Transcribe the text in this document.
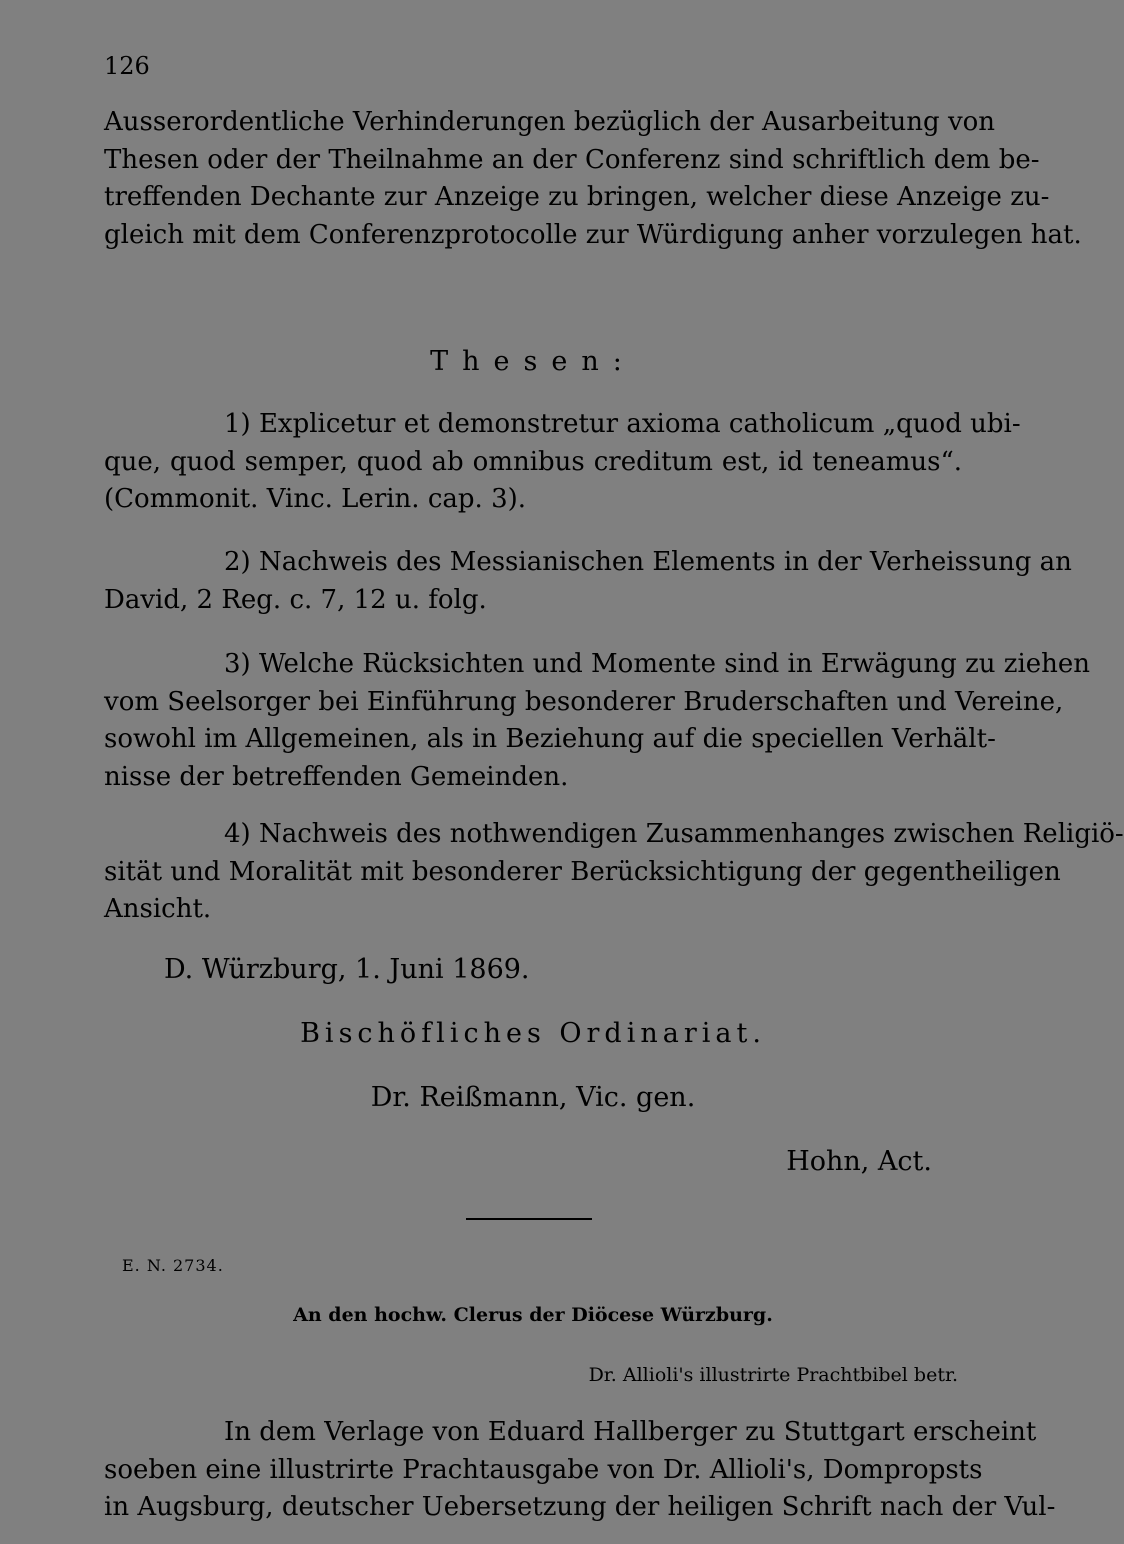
126
Ausserordentliche Verhinderungen bezüglich der Ausarbeitung von
Thesen oder der Theilnahme an der Conferenz sind schriftlich dem be-
treffenden Dechante zur Anzeige zu bringen, welcher diese Anzeige zu-
gleich mit dem Conferenzprotocolle zur Würdigung anher vorzulegen hat.
Thesen:
1) Explicetur et demonstretur axioma catholicum „quod ubi-
que, quod semper, quod ab omnibus creditum est, id teneamus“.
(Commonit. Vinc. Lerin. cap. 3).
2) Nachweis des Messianischen Elements in der Verheissung an
David, 2 Reg. c. 7, 12 u. folg.
3) Welche Rücksichten und Momente sind in Erwägung zu ziehen
vom Seelsorger bei Einführung besonderer Bruderschaften und Vereine,
sowohl im Allgemeinen, als in Beziehung auf die speciellen Verhält-
nisse der betreffenden Gemeinden.
4) Nachweis des nothwendigen Zusammenhanges zwischen Religiö-
sität und Moralität mit besonderer Berücksichtigung der gegentheiligen
Ansicht.
D. Würzburg, 1. Juni 1869.
Bischöfliches Ordinariat.
Dr. Reißmann, Vic. gen.
Hohn, Act.
E. N. 2734.
An den hochw. Clerus der Diöcese Würzburg.
Dr. Allioli's illustrirte Prachtbibel betr.
In dem Verlage von Eduard Hallberger zu Stuttgart erscheint
soeben eine illustrirte Prachtausgabe von Dr. Allioli's, Dompropsts
in Augsburg, deutscher Uebersetzung der heiligen Schrift nach der Vul-
